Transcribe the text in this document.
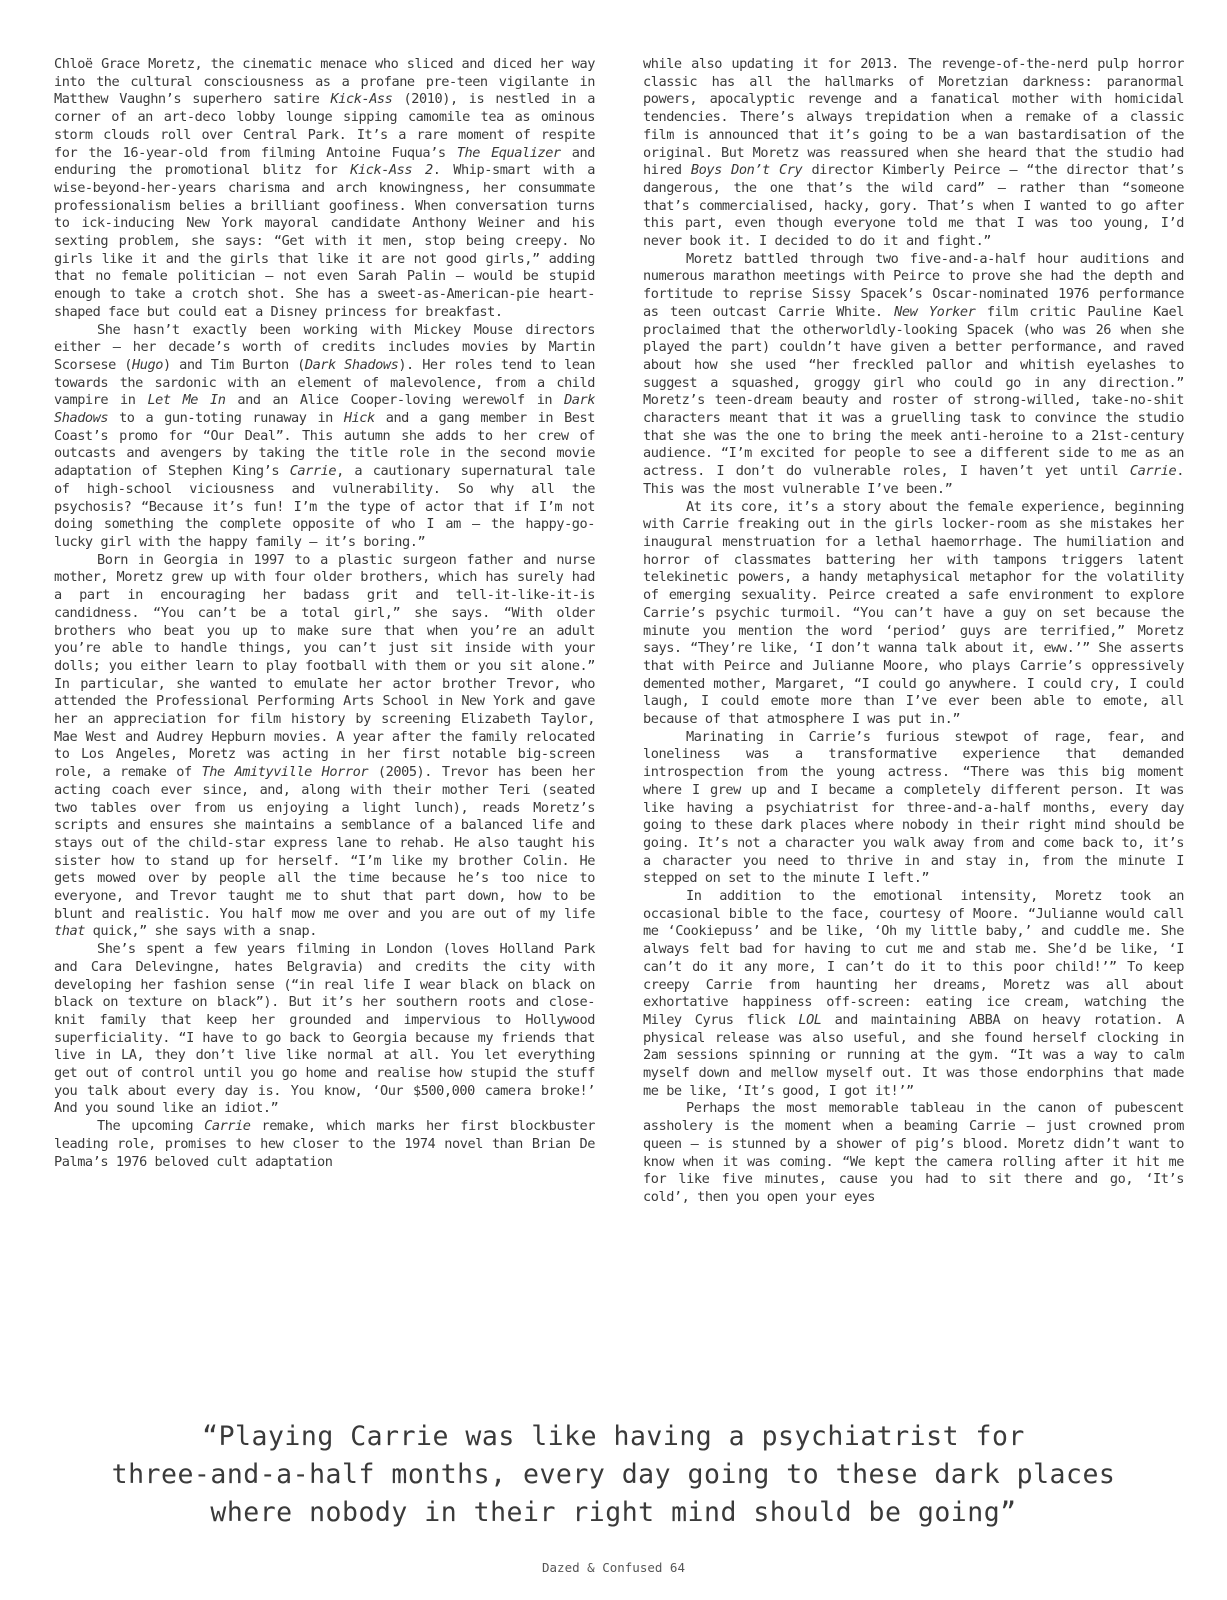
Chloë Grace Moretz, the cinematic menace who sliced and diced her way into the cultural consciousness as a profane pre-teen vigilante in Matthew Vaughn’s superhero satire Kick-Ass (2010), is nestled in a corner of an art-deco lobby lounge sipping camomile tea as ominous storm clouds roll over Central Park. It’s a rare moment of respite for the 16-year-old from filming Antoine Fuqua’s The Equalizer and enduring the promotional blitz for Kick-Ass 2. Whip-smart with a wise-beyond-her-years charisma and arch knowingness, her consummate professionalism belies a brilliant goofiness. When conversation turns to ick-inducing New York mayoral candidate Anthony Weiner and his sexting problem, she says: “Get with it men, stop being creepy. No girls like it and the girls that like it are not good girls,” adding that no female politician – not even Sarah Palin – would be stupid enough to take a crotch shot. She has a sweet-as-American-pie heart-shaped face but could eat a Disney princess for breakfast.

She hasn’t exactly been working with Mickey Mouse directors either – her decade’s worth of credits includes movies by Martin Scorsese (Hugo) and Tim Burton (Dark Shadows). Her roles tend to lean towards the sardonic with an element of malevolence, from a child vampire in Let Me In and an Alice Cooper-loving werewolf in Dark Shadows to a gun-toting runaway in Hick and a gang member in Best Coast’s promo for “Our Deal”. This autumn she adds to her crew of outcasts and avengers by taking the title role in the second movie adaptation of Stephen King’s Carrie, a cautionary supernatural tale of high-school viciousness and vulnerability. So why all the psychosis? “Because it’s fun! I’m the type of actor that if I’m not doing something the complete opposite of who I am – the happy-go-lucky girl with the happy family – it’s boring.”

Born in Georgia in 1997 to a plastic surgeon father and nurse mother, Moretz grew up with four older brothers, which has surely had a part in encouraging her badass grit and tell-it-like-it-is candidness. “You can’t be a total girl,” she says. “With older brothers who beat you up to make sure that when you’re an adult you’re able to handle things, you can’t just sit inside with your dolls; you either learn to play football with them or you sit alone.” In particular, she wanted to emulate her actor brother Trevor, who attended the Professional Performing Arts School in New York and gave her an appreciation for film history by screening Elizabeth Taylor, Mae West and Audrey Hepburn movies. A year after the family relocated to Los Angeles, Moretz was acting in her first notable big-screen role, a remake of The Amityville Horror (2005). Trevor has been her acting coach ever since, and, along with their mother Teri (seated two tables over from us enjoying a light lunch), reads Moretz’s scripts and ensures she maintains a semblance of a balanced life and stays out of the child-star express lane to rehab. He also taught his sister how to stand up for herself. “I’m like my brother Colin. He gets mowed over by people all the time because he’s too nice to everyone, and Trevor taught me to shut that part down, how to be blunt and realistic. You half mow me over and you are out of my life that quick,” she says with a snap.

She’s spent a few years filming in London (loves Holland Park and Cara Delevingne, hates Belgravia) and credits the city with developing her fashion sense (“in real life I wear black on black on black on texture on black”). But it’s her southern roots and close-knit family that keep her grounded and impervious to Hollywood superficiality. “I have to go back to Georgia because my friends that live in LA, they don’t live like normal at all. You let everything get out of control until you go home and realise how stupid the stuff you talk about every day is. You know, ‘Our $500,000 camera broke!’ And you sound like an idiot.”

The upcoming Carrie remake, which marks her first blockbuster leading role, promises to hew closer to the 1974 novel than Brian De Palma’s 1976 beloved cult adaptation

while also updating it for 2013. The revenge-of-the-nerd pulp horror classic has all the hallmarks of Moretzian darkness: paranormal powers, apocalyptic revenge and a fanatical mother with homicidal tendencies. There’s always trepidation when a remake of a classic film is announced that it’s going to be a wan bastardisation of the original. But Moretz was reassured when she heard that the studio had hired Boys Don’t Cry director Kimberly Peirce – “the director that’s dangerous, the one that’s the wild card” – rather than “someone that’s commercialised, hacky, gory. That’s when I wanted to go after this part, even though everyone told me that I was too young, I’d never book it. I decided to do it and fight.”

Moretz battled through two five-and-a-half hour auditions and numerous marathon meetings with Peirce to prove she had the depth and fortitude to reprise Sissy Spacek’s Oscar-nominated 1976 performance as teen outcast Carrie White. New Yorker film critic Pauline Kael proclaimed that the otherworldly-looking Spacek (who was 26 when she played the part) couldn’t have given a better performance, and raved about how she used “her freckled pallor and whitish eyelashes to suggest a squashed, groggy girl who could go in any direction.” Moretz’s teen-dream beauty and roster of strong-willed, take-no-shit characters meant that it was a gruelling task to convince the studio that she was the one to bring the meek anti-heroine to a 21st-century audience. “I’m excited for people to see a different side to me as an actress. I don’t do vulnerable roles, I haven’t yet until Carrie. This was the most vulnerable I’ve been.”

At its core, it’s a story about the female experience, beginning with Carrie freaking out in the girls locker-room as she mistakes her inaugural menstruation for a lethal haemorrhage. The humiliation and horror of classmates battering her with tampons triggers latent telekinetic powers, a handy metaphysical metaphor for the volatility of emerging sexuality. Peirce created a safe environment to explore Carrie’s psychic turmoil. “You can’t have a guy on set because the minute you mention the word ‘period’ guys are terrified,” Moretz says. “They’re like, ‘I don’t wanna talk about it, eww.’” She asserts that with Peirce and Julianne Moore, who plays Carrie’s oppressively demented mother, Margaret, “I could go anywhere. I could cry, I could laugh, I could emote more than I’ve ever been able to emote, all because of that atmosphere I was put in.”

Marinating in Carrie’s furious stewpot of rage, fear, and loneliness was a transformative experience that demanded introspection from the young actress. “There was this big moment where I grew up and I became a completely different person. It was like having a psychiatrist for three-and-a-half months, every day going to these dark places where nobody in their right mind should be going. It’s not a character you walk away from and come back to, it’s a character you need to thrive in and stay in, from the minute I stepped on set to the minute I left.”

In addition to the emotional intensity, Moretz took an occasional bible to the face, courtesy of Moore. “Julianne would call me ‘Cookiepuss’ and be like, ‘Oh my little baby,’ and cuddle me. She always felt bad for having to cut me and stab me. She’d be like, ‘I can’t do it any more, I can’t do it to this poor child!’” To keep creepy Carrie from haunting her dreams, Moretz was all about exhortative happiness off-screen: eating ice cream, watching the Miley Cyrus flick LOL and maintaining ABBA on heavy rotation. A physical release was also useful, and she found herself clocking in 2am sessions spinning or running at the gym. “It was a way to calm myself down and mellow myself out. It was those endorphins that made me be like, ‘It’s good, I got it!’”

Perhaps the most memorable tableau in the canon of pubescent assholery is the moment when a beaming Carrie – just crowned prom queen – is stunned by a shower of pig’s blood. Moretz didn’t want to know when it was coming. “We kept the camera rolling after it hit me for like five minutes, cause you had to sit there and go, ‘It’s cold’, then you open your eyes

“Playing Carrie was like having a psychiatrist for
three-and-a-half months, every day going to these dark places
where nobody in their right mind should be going”
Dazed & Confused 64
